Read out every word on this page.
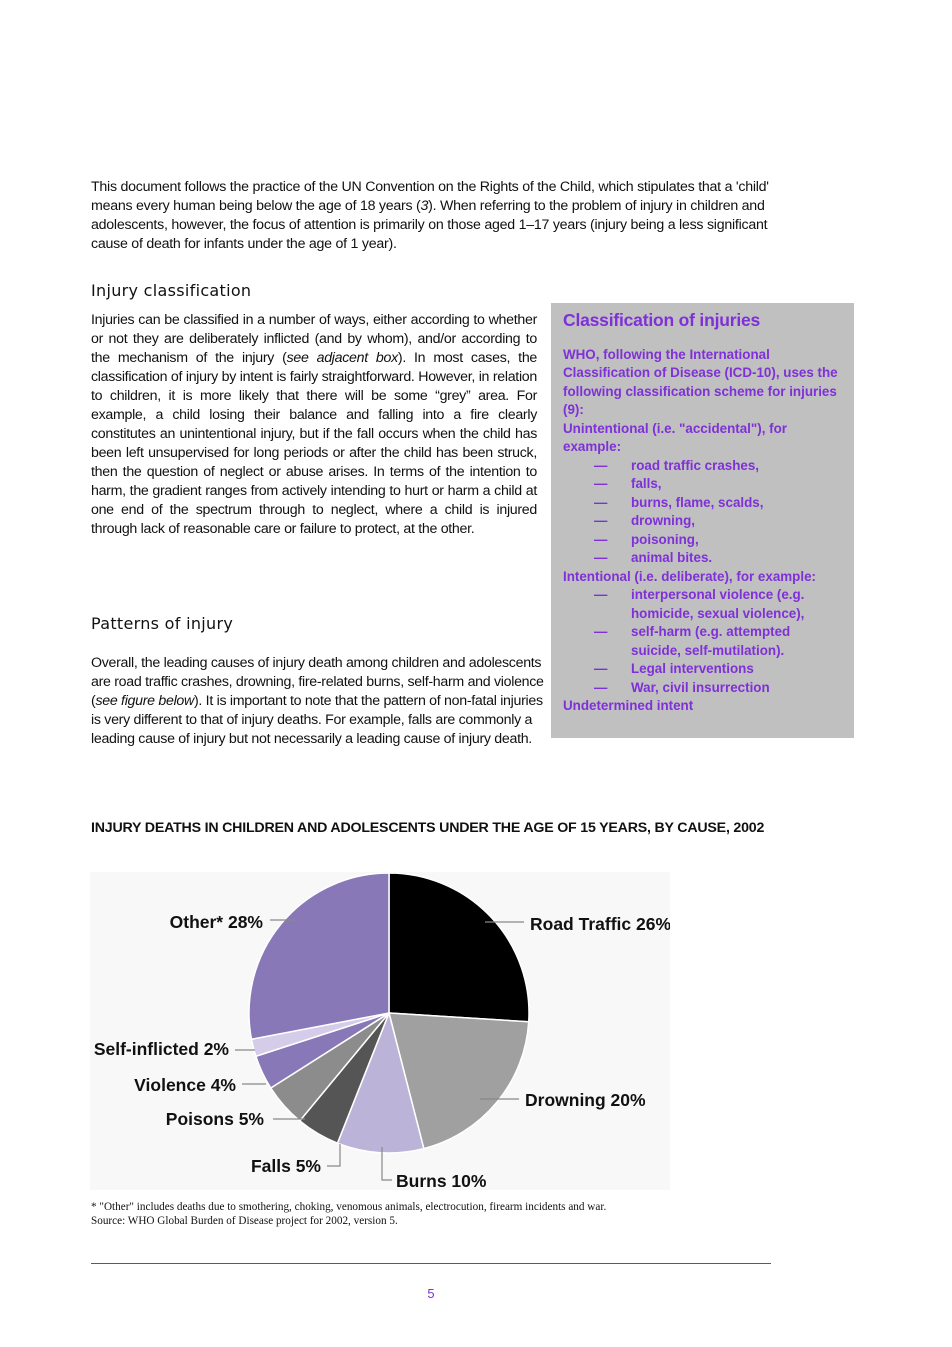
This document follows the practice of the UN Convention on the Rights of the Child, which stipulates that a 'child' means every human being below the age of 18 years (3). When referring to the problem of injury in children and adolescents, however, the focus of attention is primarily on those aged 1–17 years (injury being a less significant cause of death for infants under the age of 1 year).
Injury classification
Injuries can be classified in a number of ways, either according to whether or not they are deliberately inflicted (and by whom), and/or according to the mechanism of the injury (see adjacent box). In most cases, the classification of injury by intent is fairly straightforward. However, in relation to children, it is more likely that there will be some “grey” area. For example, a child losing their balance and falling into a fire clearly constitutes an unintentional injury, but if the fall occurs when the child has been left unsupervised for long periods or after the child has been struck, then the question of neglect or abuse arises. In terms of the intention to harm, the gradient ranges from actively intending to hurt or harm a child at one end of the spectrum through to neglect, where a child is injured through lack of reasonable care or failure to protect, at the other.
Patterns of injury
Overall, the leading causes of injury death among children and adolescents are road traffic crashes, drowning, fire-related burns, self-harm and violence (see figure below). It is important to note that the pattern of non-fatal injuries is very different to that of injury deaths. For example, falls are commonly a leading cause of injury but not necessarily a leading cause of injury death.
Classification of injuries
WHO, following the International Classification of Disease (ICD-10), uses the following classification scheme for injuries (9):
Unintentional (i.e. "accidental"), for example:
— road traffic crashes,
— falls,
— burns, flame, scalds,
— drowning,
— poisoning,
— animal bites.
Intentional (i.e. deliberate), for example:
— interpersonal violence (e.g. homicide, sexual violence),
— self-harm (e.g. attempted suicide, self-mutilation).
— Legal interventions
— War, civil insurrection
Undetermined intent
INJURY DEATHS IN CHILDREN AND ADOLESCENTS UNDER THE AGE OF 15 YEARS, BY CAUSE, 2002
Road Traffic 26%
Drowning 20%
Burns 10%
Falls 5%
Poisons 5%
Violence 4%
Self-inflicted 2%
Other* 28%
* "Other" includes deaths due to smothering, choking, venomous animals, electrocution, firearm incidents and war.
Source: WHO Global Burden of Disease project for 2002, version 5.
5
